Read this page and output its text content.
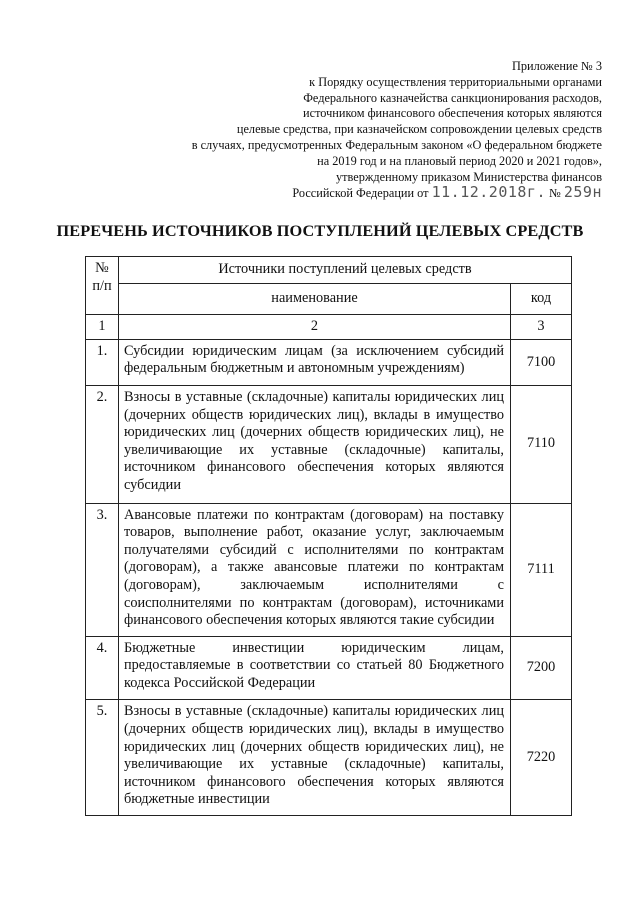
Приложение № 3
к Порядку осуществления территориальными органами
Федерального казначейства санкционирования расходов,
источником финансового обеспечения которых являются
целевые средства, при казначейском сопровождении целевых средств
в случаях, предусмотренных Федеральным законом «О федеральном бюджете
на 2019 год и на плановый период 2020 и 2021 годов»,
утвержденному приказом Министерства финансов
Российской Федерации от 11.12.2018г. № 259н
ПЕРЕЧЕНЬ ИСТОЧНИКОВ ПОСТУПЛЕНИЙ ЦЕЛЕВЫХ СРЕДСТВ
№
п/п	Источники поступлений целевых средств	

	наименование	код

1	2	3

1.	Субсидии юридическим лицам (за исключением субсидий федеральным бюджетным и автономным учреждениям)	7100

2.	Взносы в уставные (складочные) капиталы юридических лиц (дочерних обществ юридических лиц), вклады в имущество юридических лиц (дочерних обществ юридических лиц), не увеличивающие их уставные (складочные) капиталы, источником финансового обеспечения которых являются субсидии	7110

3.	Авансовые платежи по контрактам (договорам) на поставку товаров, выполнение работ, оказание услуг, заключаемым получателями субсидий с исполнителями по контрактам (договорам), а также авансовые платежи по контрактам (договорам), заключаемым исполнителями с соисполнителями по контрактам (договорам), источниками финансового обеспечения которых являются такие субсидии	7111

4.	Бюджетные инвестиции юридическим лицам, предоставляемые в соответствии со статьей 80 Бюджетного кодекса Российской Федерации	7200

5.	Взносы в уставные (складочные) капиталы юридических лиц (дочерних обществ юридических лиц), вклады в имущество юридических лиц (дочерних обществ юридических лиц), не увеличивающие их уставные (складочные) капиталы, источником финансового обеспечения которых являются бюджетные инвестиции	7220
